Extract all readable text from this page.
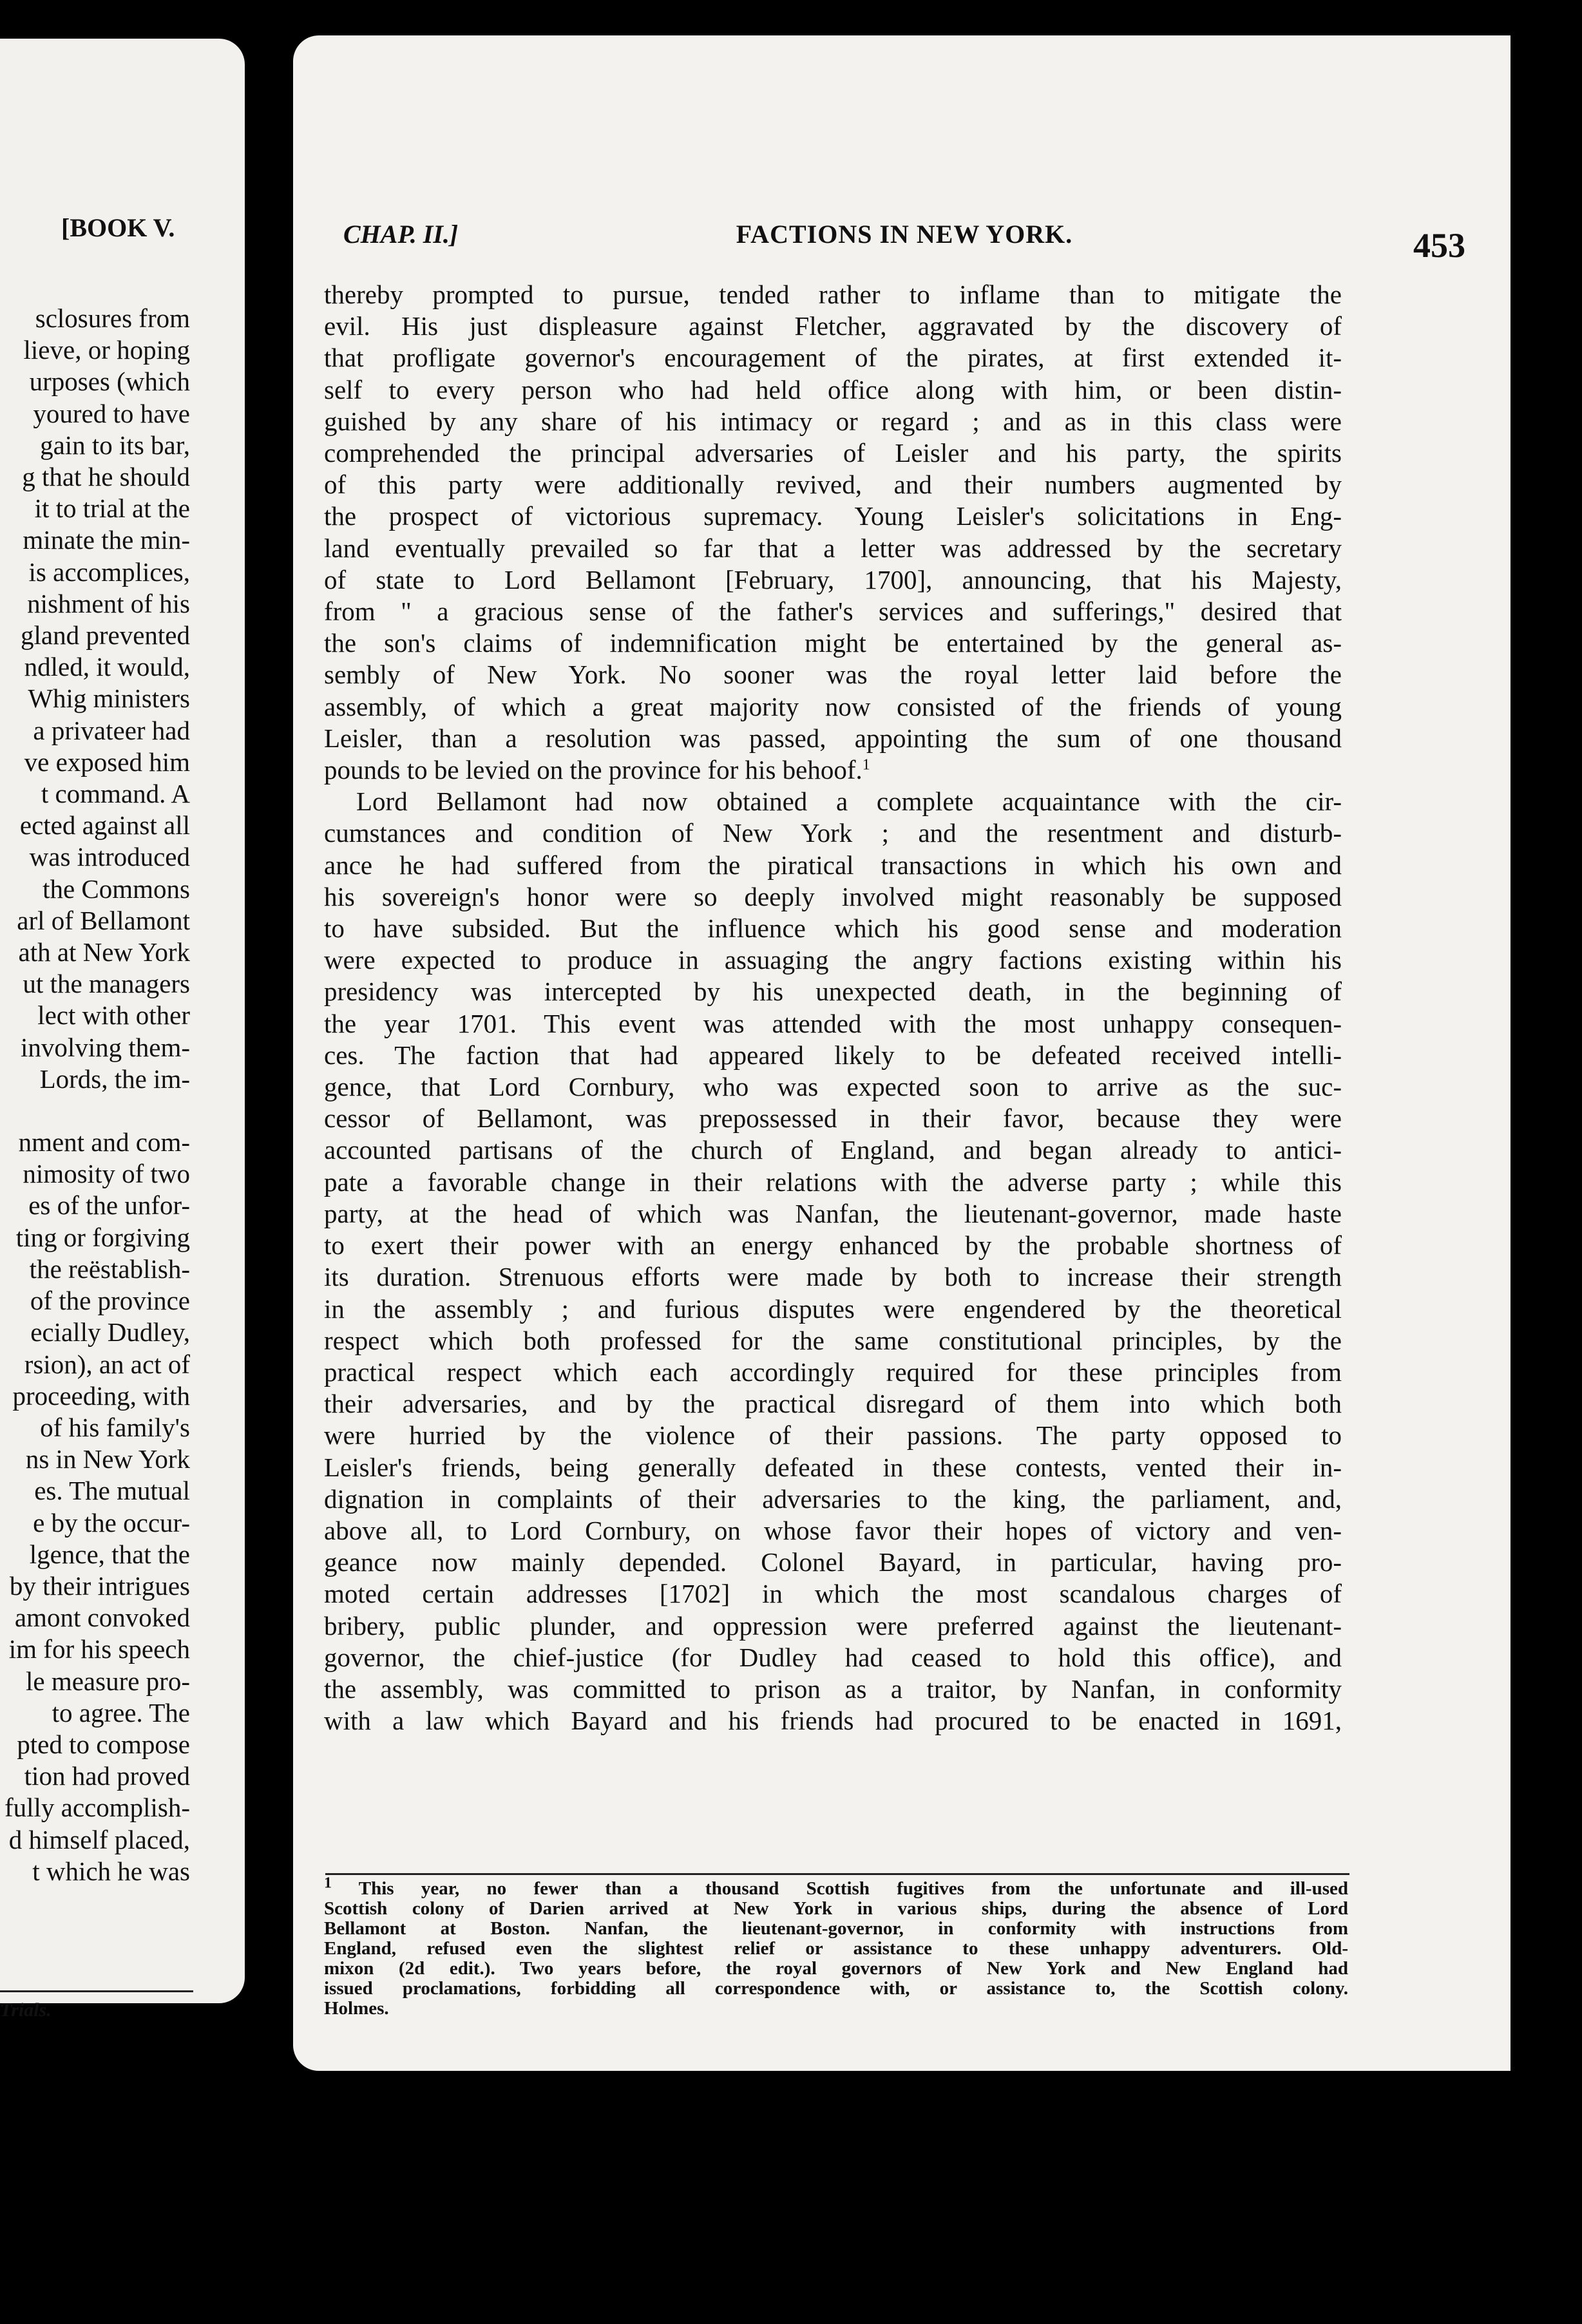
[BOOK V.
sclosures from
lieve, or hoping
urposes (which
youred to have
gain to its bar,
g that he should
it to trial at the
minate the min-
is accomplices,
nishment of his
gland prevented
ndled, it would,
Whig ministers
a privateer had
ve exposed him
t command. A
ected against all
was introduced
the Commons
arl of Bellamont
ath at New York
ut the managers
lect with other
involving them-
Lords, the im-
nment and com-
nimosity of two
es of the unfor-
ting or forgiving
the reëstablish-
of the province
ecially Dudley,
rsion), an act of
proceeding, with
of his family's
ns in New York
es. The mutual
e by the occur-
lgence, that the
by their intrigues
amont convoked
im for his speech
le measure pro-
to agree. The
pted to compose
tion had proved
fully accomplish-
d himself placed,
t which he was
Trials.
CHAP. II.]	FACTIONS IN NEW YORK.	453
thereby prompted to pursue, tended rather to inflame than to mitigate the
evil. His just displeasure against Fletcher, aggravated by the discovery of
that profligate governor's encouragement of the pirates, at first extended it-
self to every person who had held office along with him, or been distin-
guished by any share of his intimacy or regard ; and as in this class were
comprehended the principal adversaries of Leisler and his party, the spirits
of this party were additionally revived, and their numbers augmented by
the prospect of victorious supremacy. Young Leisler's solicitations in Eng-
land eventually prevailed so far that a letter was addressed by the secretary
of state to Lord Bellamont [February, 1700], announcing, that his Majesty,
from " a gracious sense of the father's services and sufferings," desired that
the son's claims of indemnification might be entertained by the general as-
sembly of New York. No sooner was the royal letter laid before the
assembly, of which a great majority now consisted of the friends of young
Leisler, than a resolution was passed, appointing the sum of one thousand
pounds to be levied on the province for his behoof.$^1$
Lord Bellamont had now obtained a complete acquaintance with the cir-
cumstances and condition of New York ; and the resentment and disturb-
ance he had suffered from the piratical transactions in which his own and
his sovereign's honor were so deeply involved might reasonably be supposed
to have subsided. But the influence which his good sense and moderation
were expected to produce in assuaging the angry factions existing within his
presidency was intercepted by his unexpected death, in the beginning of
the year 1701. This event was attended with the most unhappy consequen-
ces. The faction that had appeared likely to be defeated received intelli-
gence, that Lord Cornbury, who was expected soon to arrive as the suc-
cessor of Bellamont, was prepossessed in their favor, because they were
accounted partisans of the church of England, and began already to antici-
pate a favorable change in their relations with the adverse party ; while this
party, at the head of which was Nanfan, the lieutenant-governor, made haste
to exert their power with an energy enhanced by the probable shortness of
its duration. Strenuous efforts were made by both to increase their strength
in the assembly ; and furious disputes were engendered by the theoretical
respect which both professed for the same constitutional principles, by the
practical respect which each accordingly required for these principles from
their adversaries, and by the practical disregard of them into which both
were hurried by the violence of their passions. The party opposed to
Leisler's friends, being generally defeated in these contests, vented their in-
dignation in complaints of their adversaries to the king, the parliament, and,
above all, to Lord Cornbury, on whose favor their hopes of victory and ven-
geance now mainly depended. Colonel Bayard, in particular, having pro-
moted certain addresses [1702] in which the most scandalous charges of
bribery, public plunder, and oppression were preferred against the lieutenant-
governor, the chief-justice (for Dudley had ceased to hold this office), and
the assembly, was committed to prison as a traitor, by Nanfan, in conformity
with a law which Bayard and his friends had procured to be enacted in 1691,
$^1$ This year, no fewer than a thousand Scottish fugitives from the unfortunate and ill-used
Scottish colony of Darien arrived at New York in various ships, during the absence of Lord
Bellamont at Boston. Nanfan, the lieutenant-governor, in conformity with instructions from
England, refused even the slightest relief or assistance to these unhappy adventurers. Old-
mixon (2d edit.). Two years before, the royal governors of New York and New England had
issued proclamations, forbidding all correspondence with, or assistance to, the Scottish colony.
Holmes.
